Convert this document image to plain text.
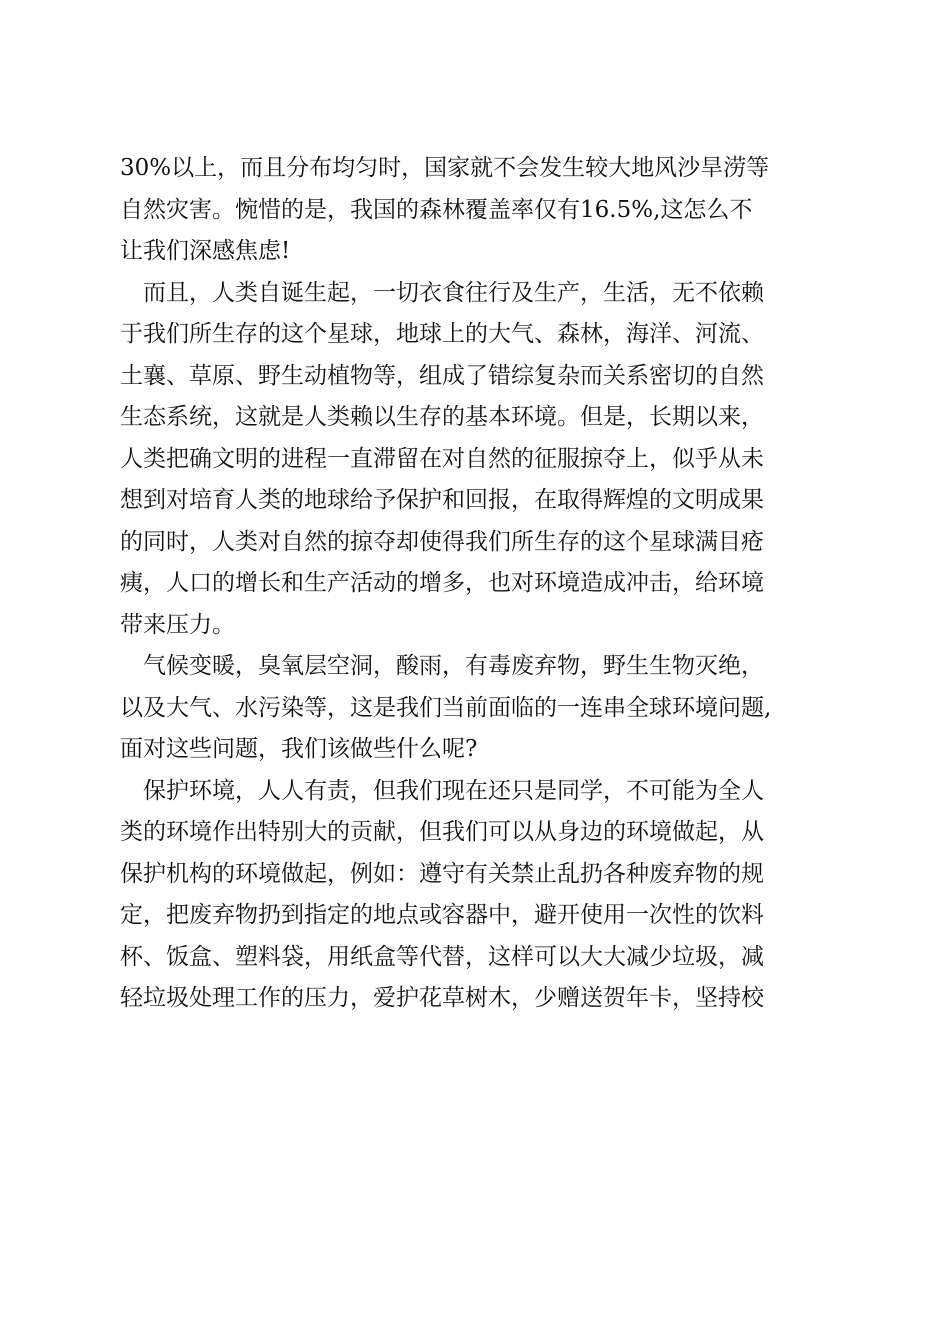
30%以上，而且分布均匀时，国家就不会发生较大地风沙旱涝等
自然灾害。惋惜的是，我国的森林覆盖率仅有16.5%,这怎么不
让我们深感焦虑!
而且，人类自诞生起，一切衣食往行及生产，生活，无不依赖
于我们所生存的这个星球，地球上的大气、森林，海洋、河流、
土襄、草原、野生动植物等，组成了错综复杂而关系密切的自然
生态系统，这就是人类赖以生存的基本环境。但是，长期以来，
人类把确文明的进程一直滞留在对自然的征服掠夺上，似乎从未
想到对培育人类的地球给予保护和回报，在取得辉煌的文明成果
的同时，人类对自然的掠夺却使得我们所生存的这个星球满目疮
痍，人口的增长和生产活动的增多，也对环境造成冲击，给环境
带来压力。
气候变暖，臭氧层空洞，酸雨，有毒废弃物，野生生物灭绝，
以及大气、水污染等，这是我们当前面临的一连串全球环境问题,
面对这些问题，我们该做些什么呢?
保护环境，人人有责，但我们现在还只是同学，不可能为全人
类的环境作出特别大的贡献，但我们可以从身边的环境做起，从
保护机构的环境做起，例如：遵守有关禁止乱扔各种废弃物的规
定，把废弃物扔到指定的地点或容器中，避开使用一次性的饮料
杯、饭盒、塑料袋，用纸盒等代替，这样可以大大减少垃圾，减
轻垃圾处理工作的压力，爱护花草树木，少赠送贺年卡，坚持校
